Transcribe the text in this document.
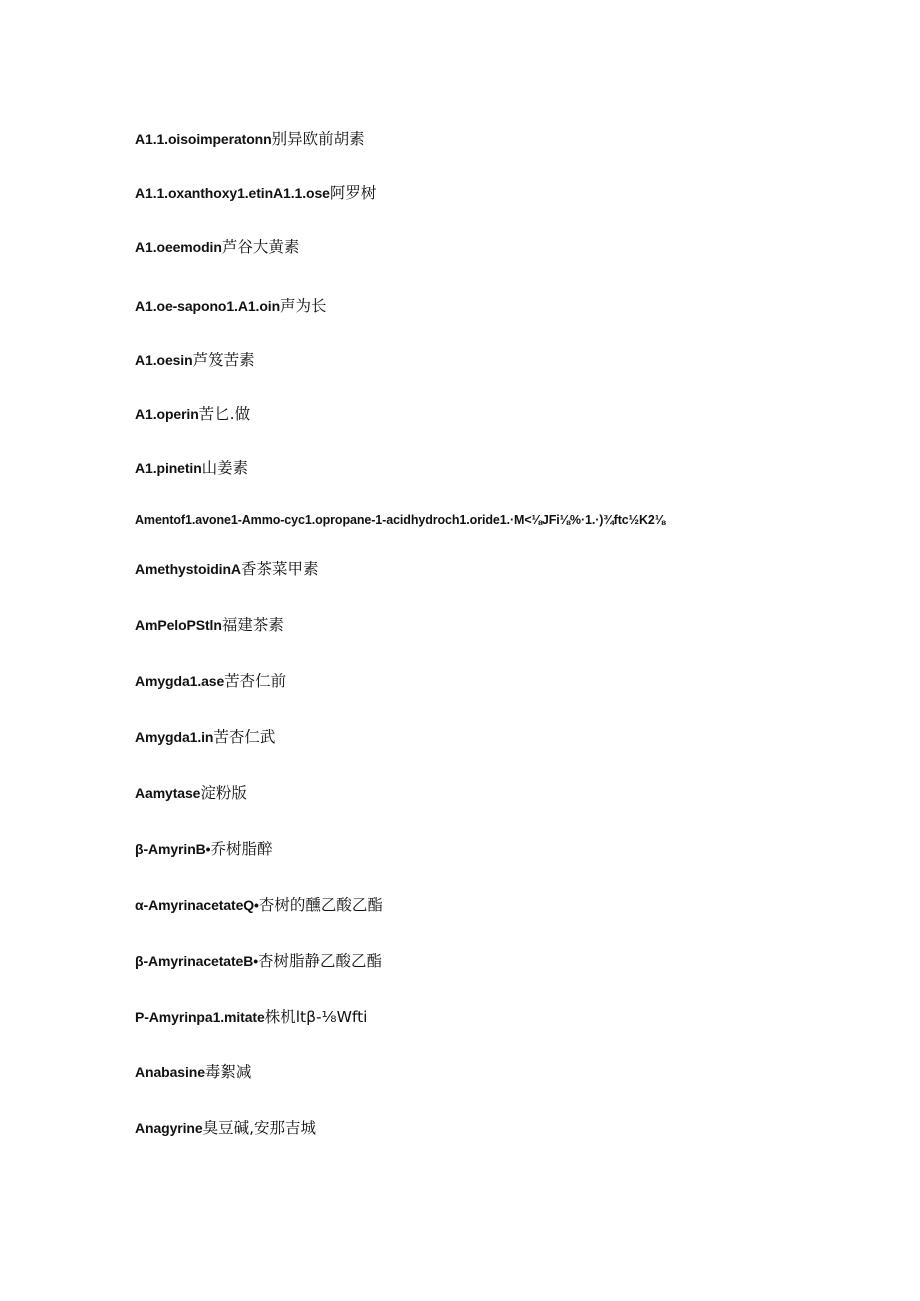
A1.1.oisoimperatonn别异欧前胡素
A1.1.oxanthoxy1.etinA1.1.ose阿罗树
A1.oeemodin芦谷大黄素
A1.oe-sapono1.A1.oin声为长
A1.oesin芦笈苦素
A1.operin苦匕.做
A1.pinetin山姜素
Amentof1.avone1-Ammo-cyc1.opropane-1-acidhydroch1.oride1.·M<⅛JFi⅛%·1.·)¾ftc½K2⅛
AmethystoidinA香茶菜甲素
AmPeloPStln福建茶素
Amygda1.ase苦杏仁前
Amygda1.in苦杏仁武
Aamytase淀粉版
β-AmyrinB•乔树脂醉
α-AmyrinacetateQ•杏树的醺乙酸乙酯
β-AmyrinacetateB•杏树脂静乙酸乙酯
P-Amyrinpa1.mitate株机ltβ-⅛Wfti
Anabasine毒絮减
Anagyrine臭豆碱,安那吉城
